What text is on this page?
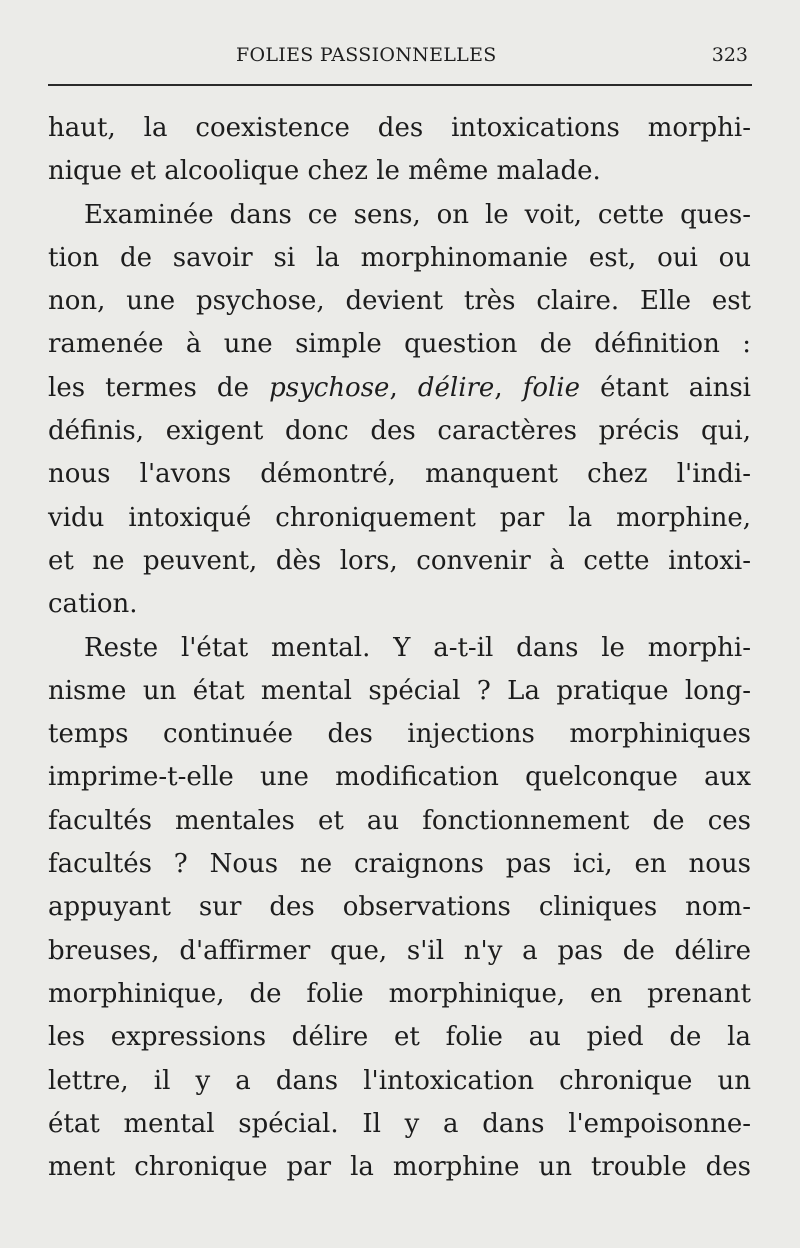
FOLIES PASSIONNELLES	323
haut, la coexistence des intoxications morphi-
nique et alcoolique chez le même malade.
Examinée dans ce sens, on le voit, cette ques-
tion de savoir si la morphinomanie est, oui ou
non, une psychose, devient très claire. Elle est
ramenée à une simple question de définition :
les termes de psychose, délire, folie étant ainsi
définis, exigent donc des caractères précis qui,
nous l'avons démontré, manquent chez l'indi-
vidu intoxiqué chroniquement par la morphine,
et ne peuvent, dès lors, convenir à cette intoxi-
cation.
Reste l'état mental. Y a-t-il dans le morphi-
nisme un état mental spécial ? La pratique long-
temps continuée des injections morphiniques
imprime-t-elle une modification quelconque aux
facultés mentales et au fonctionnement de ces
facultés ? Nous ne craignons pas ici, en nous
appuyant sur des observations cliniques nom-
breuses, d'affirmer que, s'il n'y a pas de délire
morphinique, de folie morphinique, en prenant
les expressions délire et folie au pied de la
lettre, il y a dans l'intoxication chronique un
état mental spécial. Il y a dans l'empoisonne-
ment chronique par la morphine un trouble des
